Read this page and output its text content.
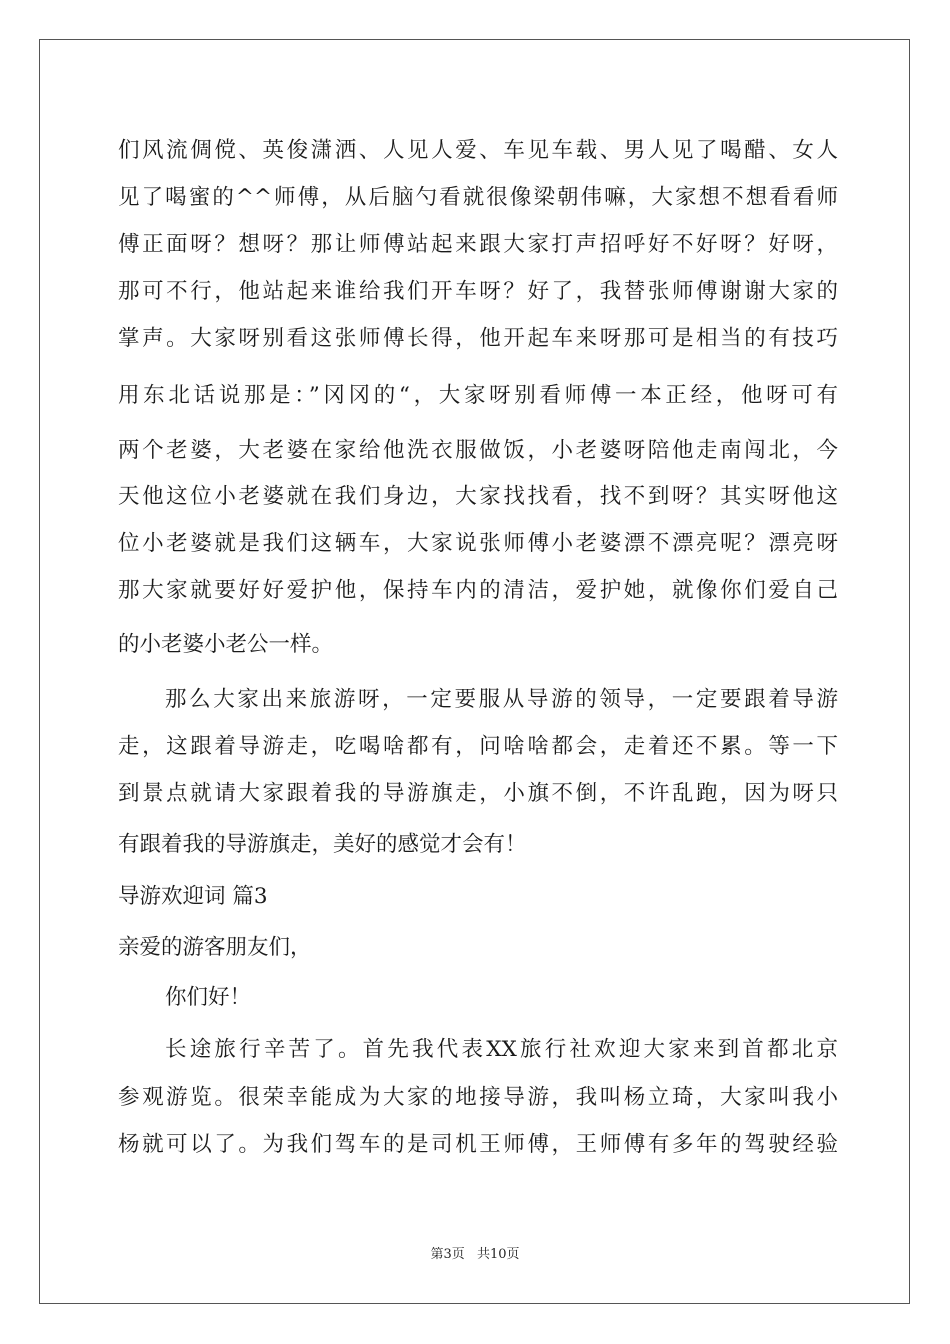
们风流倜傥、英俊潇洒、人见人爱、车见车载、男人见了喝醋、女人
见了喝蜜的^^师傅，从后脑勺看就很像梁朝伟嘛，大家想不想看看师
傅正面呀？想呀？那让师傅站起来跟大家打声招呼好不好呀？好呀，
那可不行，他站起来谁给我们开车呀？好了，我替张师傅谢谢大家的
掌声。大家呀别看这张师傅长得，他开起车来呀那可是相当的有技巧
用东北话说那是：”冈冈的“，大家呀别看师傅一本正经，他呀可有
两个老婆，大老婆在家给他洗衣服做饭，小老婆呀陪他走南闯北，今
天他这位小老婆就在我们身边，大家找找看，找不到呀？其实呀他这
位小老婆就是我们这辆车，大家说张师傅小老婆漂不漂亮呢？漂亮呀
那大家就要好好爱护他，保持车内的清洁，爱护她，就像你们爱自己
的小老婆小老公一样。
那么大家出来旅游呀，一定要服从导游的领导，一定要跟着导游
走，这跟着导游走，吃喝啥都有，问啥啥都会，走着还不累。等一下
到景点就请大家跟着我的导游旗走，小旗不倒，不许乱跑，因为呀只
有跟着我的导游旗走，美好的感觉才会有！
导游欢迎词 篇3
亲爱的游客朋友们，
你们好！
长途旅行辛苦了。首先我代表XX旅行社欢迎大家来到首都北京
参观游览。很荣幸能成为大家的地接导游，我叫杨立琦，大家叫我小
杨就可以了。为我们驾车的是司机王师傅，王师傅有多年的驾驶经验
第3页 共10页
